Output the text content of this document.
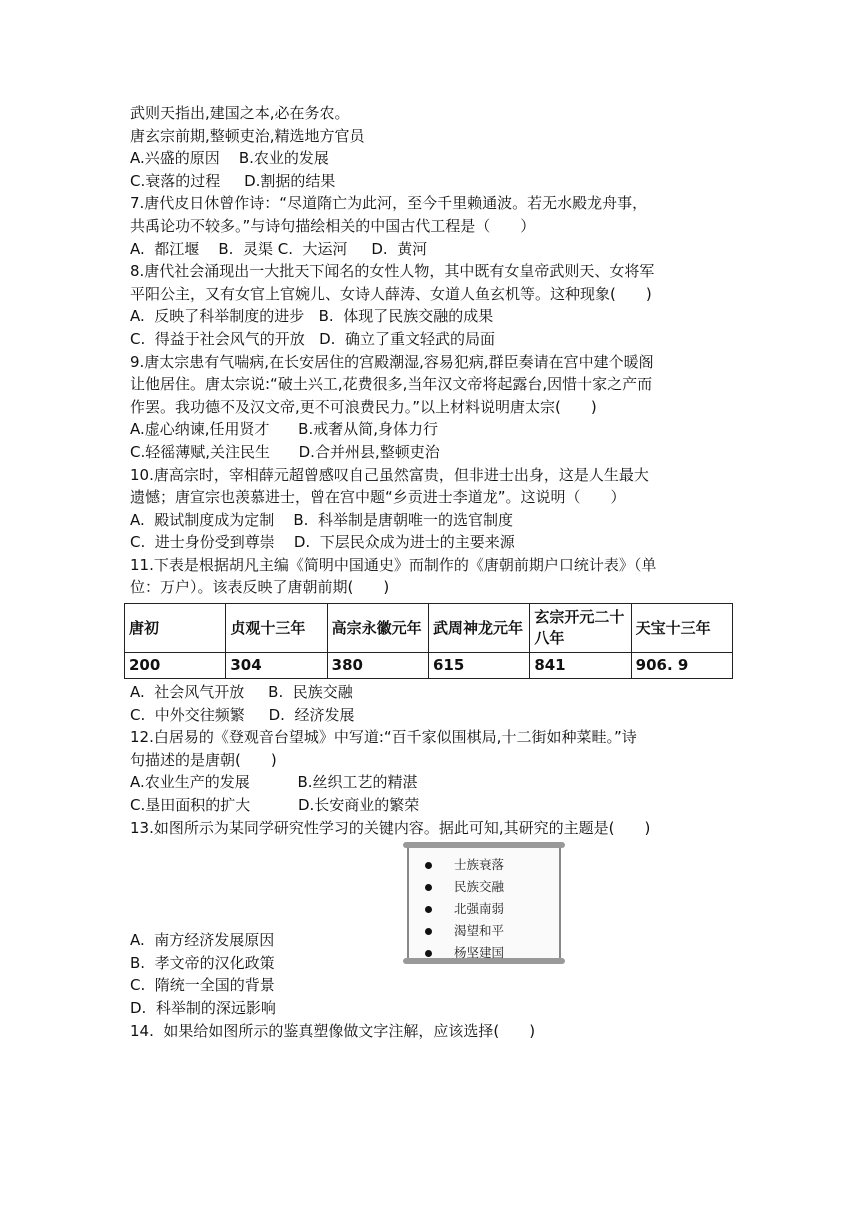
武则天指出,建国之本,必在务农。
唐玄宗前期,整顿吏治,精选地方官员
A.兴盛的原因 B.农业的发展
C.衰落的过程 D.割据的结果
7.唐代皮日休曾作诗：“尽道隋亡为此河，至今千里赖通波。若无水殿龙舟事，
共禹论功不较多。”与诗句描绘相关的中国古代工程是（　　）
A.  都江堰    B.  灵渠 C.  大运河     D.  黄河
8.唐代社会涌现出一大批天下闻名的女性人物，其中既有女皇帝武则天、女将军
平阳公主，又有女官上官婉儿、女诗人薛涛、女道人鱼玄机等。这种现象(　　)
A.  反映了科举制度的进步 B.  体现了民族交融的成果
C.  得益于社会风气的开放 D.  确立了重文轻武的局面
9.唐太宗患有气喘病,在长安居住的宫殿潮湿,容易犯病,群臣奏请在宫中建个暖阁
让他居住。唐太宗说:“破土兴工,花费很多,当年汉文帝将起露台,因惜十家之产而
作罢。我功德不及汉文帝,更不可浪费民力。”以上材料说明唐太宗(　　)
A.虚心纳谏,任用贤才 B.戒奢从简,身体力行
C.轻徭薄赋,关注民生 D.合并州县,整顿吏治
10.唐高宗时，宰相薛元超曾感叹自己虽然富贵，但非进士出身，这是人生最大
遗憾；唐宣宗也羡慕进士，曾在宫中题“乡贡进士李道龙”。这说明（　　）
A.  殿试制度成为定制 B.  科举制是唐朝唯一的选官制度
C.  进士身份受到尊崇 D.  下层民众成为进士的主要来源
11.下表是根据胡凡主编《简明中国通史》而制作的《唐朝前期户口统计表》（单
位：万户）。该表反映了唐朝前期(　　)
唐初	贞观十三年	高宗永徽元年	武周神龙元年	玄宗开元二十八年	天宝十三年
200	304	380	615	841	906. 9
A.  社会风气开放 B.  民族交融
C.  中外交往频繁 D.  经济发展
12.白居易的《登观音台望城》中写道:“百千家似围棋局,十二街如种菜畦。”诗
句描述的是唐朝(　　)
A.农业生产的发展	B.丝织工艺的精湛
C.垦田面积的扩大	D.长安商业的繁荣
13.如图所示为某同学研究性学习的关键内容。据此可知,其研究的主题是(　　)
A.  南方经济发展原因
B.  孝文帝的汉化政策
C.  隋统一全国的背景
D.  科举制的深远影响
14.  如果给如图所示的鉴真塑像做文字注解，应该选择(　　)
士族衰落
民族交融
北强南弱
渴望和平
杨坚建国
